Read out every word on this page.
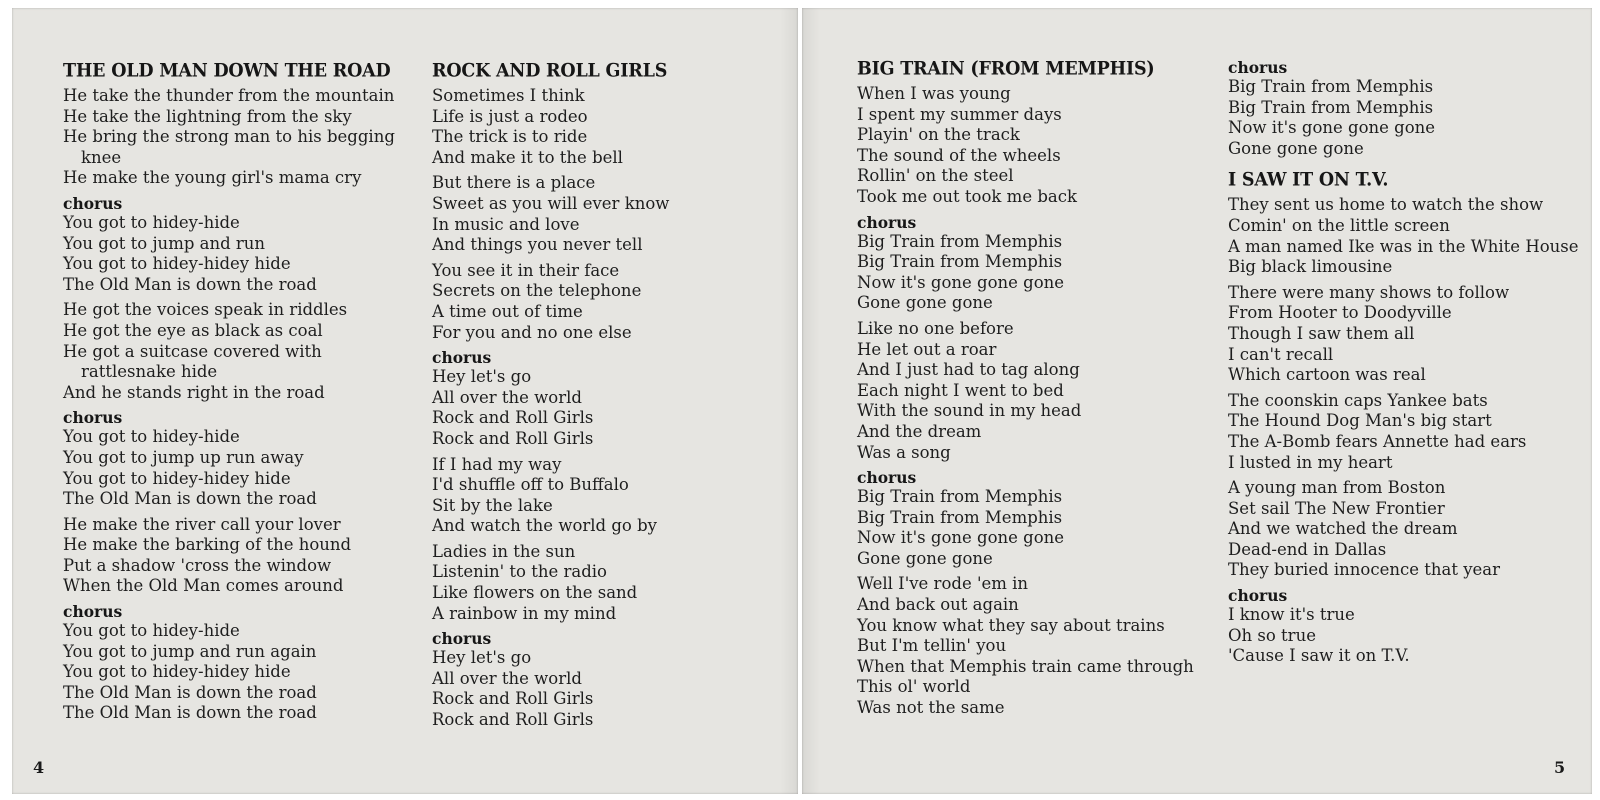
THE OLD MAN DOWN THE ROAD
He take the thunder from the mountain
He take the lightning from the sky
He bring the strong man to his begging
knee
He make the young girl's mama cry
chorus
You got to hidey-hide
You got to jump and run
You got to hidey-hidey hide
The Old Man is down the road
He got the voices speak in riddles
He got the eye as black as coal
He got a suitcase covered with
rattlesnake hide
And he stands right in the road
chorus
You got to hidey-hide
You got to jump up run away
You got to hidey-hidey hide
The Old Man is down the road
He make the river call your lover
He make the barking of the hound
Put a shadow 'cross the window
When the Old Man comes around
chorus
You got to hidey-hide
You got to jump and run again
You got to hidey-hidey hide
The Old Man is down the road
The Old Man is down the road
ROCK AND ROLL GIRLS
Sometimes I think
Life is just a rodeo
The trick is to ride
And make it to the bell
But there is a place
Sweet as you will ever know
In music and love
And things you never tell
You see it in their face
Secrets on the telephone
A time out of time
For you and no one else
chorus
Hey let's go
All over the world
Rock and Roll Girls
Rock and Roll Girls
If I had my way
I'd shuffle off to Buffalo
Sit by the lake
And watch the world go by
Ladies in the sun
Listenin' to the radio
Like flowers on the sand
A rainbow in my mind
chorus
Hey let's go
All over the world
Rock and Roll Girls
Rock and Roll Girls
BIG TRAIN (FROM MEMPHIS)
When I was young
I spent my summer days
Playin' on the track
The sound of the wheels
Rollin' on the steel
Took me out took me back
chorus
Big Train from Memphis
Big Train from Memphis
Now it's gone gone gone
Gone gone gone
Like no one before
He let out a roar
And I just had to tag along
Each night I went to bed
With the sound in my head
And the dream
Was a song
chorus
Big Train from Memphis
Big Train from Memphis
Now it's gone gone gone
Gone gone gone
Well I've rode 'em in
And back out again
You know what they say about trains
But I'm tellin' you
When that Memphis train came through
This ol' world
Was not the same
chorus
Big Train from Memphis
Big Train from Memphis
Now it's gone gone gone
Gone gone gone
I SAW IT ON T.V.
They sent us home to watch the show
Comin' on the little screen
A man named Ike was in the White House
Big black limousine
There were many shows to follow
From Hooter to Doodyville
Though I saw them all
I can't recall
Which cartoon was real
The coonskin caps Yankee bats
The Hound Dog Man's big start
The A-Bomb fears Annette had ears
I lusted in my heart
A young man from Boston
Set sail The New Frontier
And we watched the dream
Dead-end in Dallas
They buried innocence that year
chorus
I know it's true
Oh so true
'Cause I saw it on T.V.
4	5
